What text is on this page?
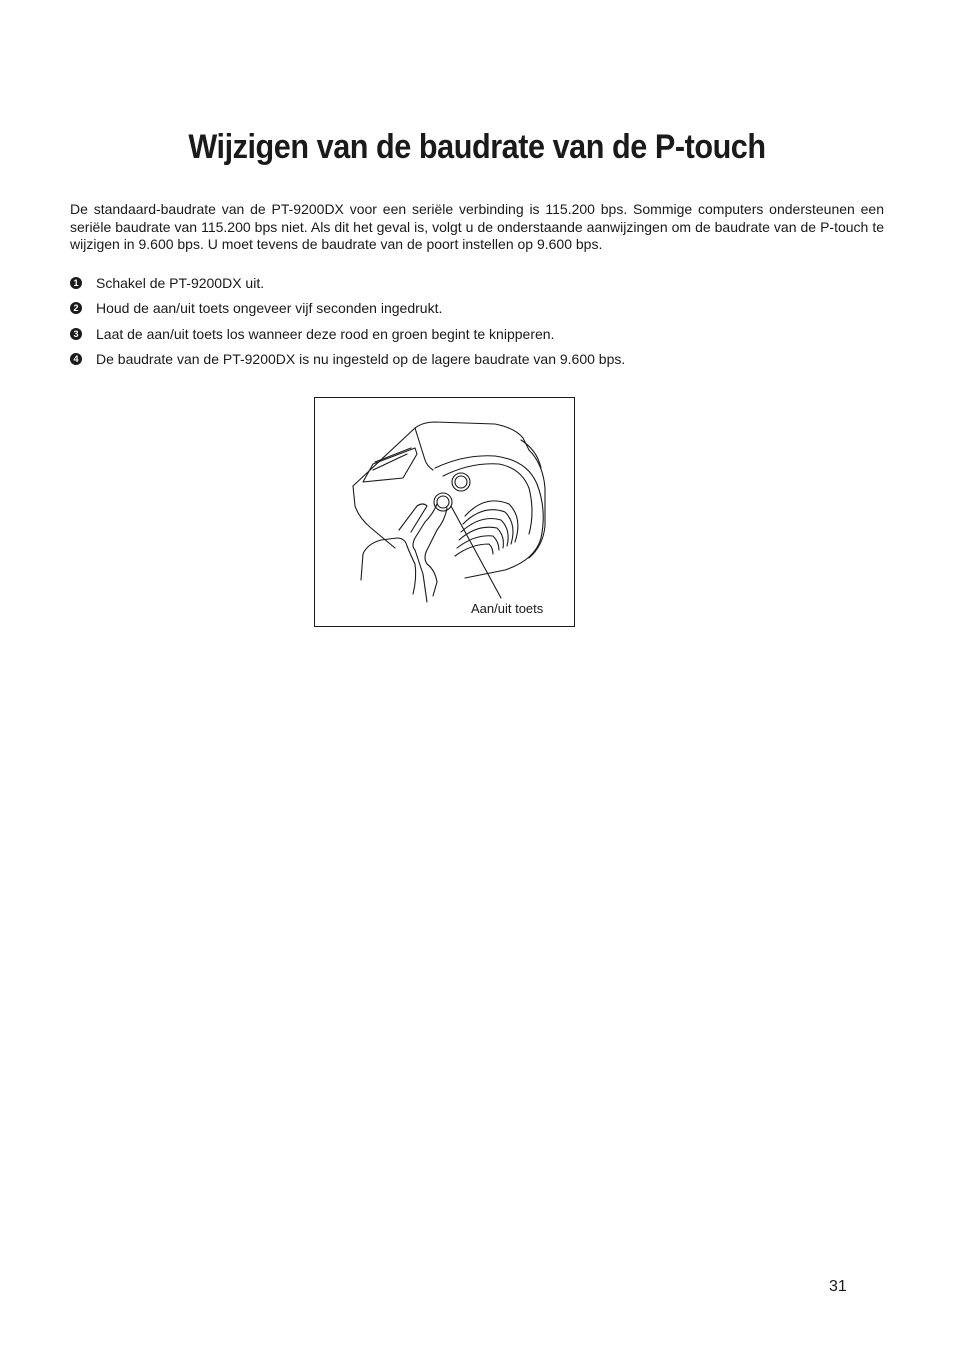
Wijzigen van de baudrate van de P-touch

De standaard-baudrate van de PT-9200DX voor een seriële verbinding is 115.200 bps. Sommige computers ondersteunen een seriële baudrate van 115.200 bps niet. Als dit het geval is, volgt u de onderstaande aanwijzingen om de baudrate van de P-touch te wijzigen in 9.600 bps. U moet tevens de baudrate van de poort instellen op 9.600 bps.

1 Schakel de PT-9200DX uit.
2 Houd de aan/uit toets ongeveer vijf seconden ingedrukt.
3 Laat de aan/uit toets los wanneer deze rood en groen begint te knipperen.
4 De baudrate van de PT-9200DX is nu ingesteld op de lagere baudrate van 9.600 bps.
Aan/uit toets
31
